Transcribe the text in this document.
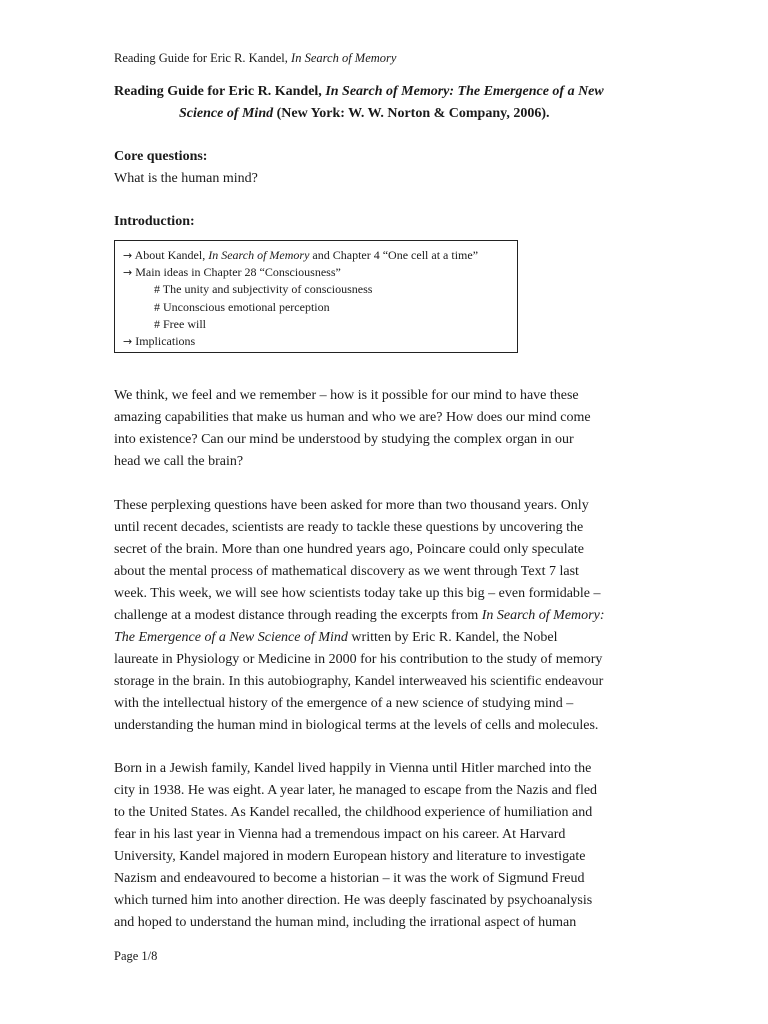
Reading Guide for Eric R. Kandel, In Search of Memory
Reading Guide for Eric R. Kandel, In Search of Memory: The Emergence of a New
Science of Mind (New York: W. W. Norton & Company, 2006).
Core questions:
What is the human mind?
Introduction:
→ About Kandel, In Search of Memory and Chapter 4 “One cell at a time”
→ Main ideas in Chapter 28 “Consciousness”
# The unity and subjectivity of consciousness
# Unconscious emotional perception
# Free will
→ Implications
We think, we feel and we remember – how is it possible for our mind to have these
amazing capabilities that make us human and who we are? How does our mind come
into existence? Can our mind be understood by studying the complex organ in our
head we call the brain?
These perplexing questions have been asked for more than two thousand years. Only
until recent decades, scientists are ready to tackle these questions by uncovering the
secret of the brain. More than one hundred years ago, Poincare could only speculate
about the mental process of mathematical discovery as we went through Text 7 last
week. This week, we will see how scientists today take up this big – even formidable –
challenge at a modest distance through reading the excerpts from In Search of Memory:
The Emergence of a New Science of Mind written by Eric R. Kandel, the Nobel
laureate in Physiology or Medicine in 2000 for his contribution to the study of memory
storage in the brain. In this autobiography, Kandel interweaved his scientific endeavour
with the intellectual history of the emergence of a new science of studying mind –
understanding the human mind in biological terms at the levels of cells and molecules.
Born in a Jewish family, Kandel lived happily in Vienna until Hitler marched into the
city in 1938. He was eight. A year later, he managed to escape from the Nazis and fled
to the United States. As Kandel recalled, the childhood experience of humiliation and
fear in his last year in Vienna had a tremendous impact on his career. At Harvard
University, Kandel majored in modern European history and literature to investigate
Nazism and endeavoured to become a historian – it was the work of Sigmund Freud
which turned him into another direction. He was deeply fascinated by psychoanalysis
and hoped to understand the human mind, including the irrational aspect of human
Page 1/8
